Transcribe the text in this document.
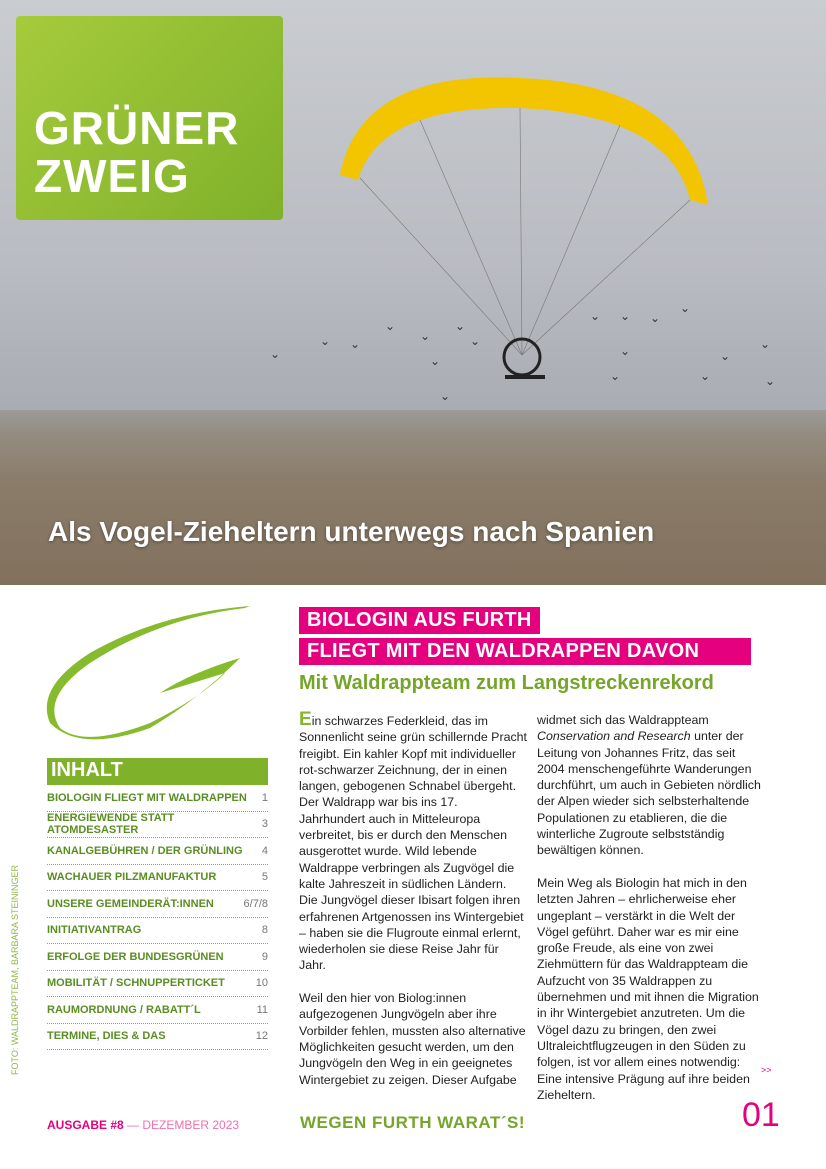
⌄
⌄ ⌄
⌄
⌄
⌄
⌄
⌄
⌄ ⌄ ⌄
⌄
⌄	⌄
⌄
⌄	⌄	⌄
⌄
GRÜNER
ZWEIG
Als Vogel-Zieheltern unterwegs nach Spanien
BIOLOGIN AUS FURTH
FLIEGT MIT DEN WALDRAPPEN DAVON
Mit Waldrappteam zum Langstreckenrekord

Ein schwarzes Federkleid, das im Sonnenlicht seine grün schillernde Pracht freigibt. Ein kahler Kopf mit individueller rot-schwarzer Zeichnung, der in einen langen, gebogenen Schnabel übergeht. Der Waldrapp war bis ins 17. Jahrhundert auch in Mitteleuropa verbreitet, bis er durch den Menschen ausgerottet wurde. Wild lebende Waldrappe verbringen als Zugvögel die kalte Jahreszeit in südlichen Ländern. Die Jungvögel dieser Ibisart folgen ihren erfahrenen Artgenossen ins Wintergebiet – haben sie die Flugroute einmal erlernt, wiederholen sie diese Reise Jahr für Jahr.

Weil den hier von Biolog:innen aufgezogenen Jungvögeln aber ihre Vorbilder fehlen, mussten also alternative Möglichkeiten gesucht werden, um den Jungvögeln den Weg in ein geeignetes Wintergebiet zu zeigen. Dieser Aufgabe widmet sich das Waldrappteam Conservation and Research unter der Leitung von Johannes Fritz, das seit 2004 menschengeführte Wanderungen durchführt, um auch in Gebieten nördlich der Alpen wieder sich selbsterhaltende Populationen zu etablieren, die die winterliche Zugroute selbstständig bewältigen können.

Mein Weg als Biologin hat mich in den letzten Jahren – ehrlicherweise eher ungeplant – verstärkt in die Welt der Vögel geführt. Daher war es mir eine große Freude, als eine von zwei Ziehmüttern für das Waldrappteam die Aufzucht von 35 Waldrappen zu übernehmen und mit ihnen die Migration in ihr Wintergebiet anzutreten. Um die Vögel dazu zu bringen, den zwei Ultraleichtflugzeugen in den Süden zu folgen, ist vor allem eines notwendig: Eine intensive Prägung auf ihre beiden Zieheltern.

>>
INHALT
BIOLOGIN FLIEGT MIT WALDRAPPEN 1
ENERGIEWENDE STATT ATOMDESASTER	3
KANALGEBÜHREN / DER GRÜNLING 4
WACHAUER PILZMANUFAKTUR	5
UNSERE GEMEINDERÄT:INNEN	6/7/8
INITIATIVANTRAG	8
ERFOLGE DER BUNDESGRÜNEN	9
MOBILITÄT / SCHNUPPERTICKET	10
RAUMORDNUNG / RABATT´L	11
TERMINE, DIES & DAS	12
FOTO: WALDRAPPTEAM, BARBARA STEININGER
AUSGABE #8 — DEZEMBER 2023	WEGEN FURTH WARAT´S!	01
